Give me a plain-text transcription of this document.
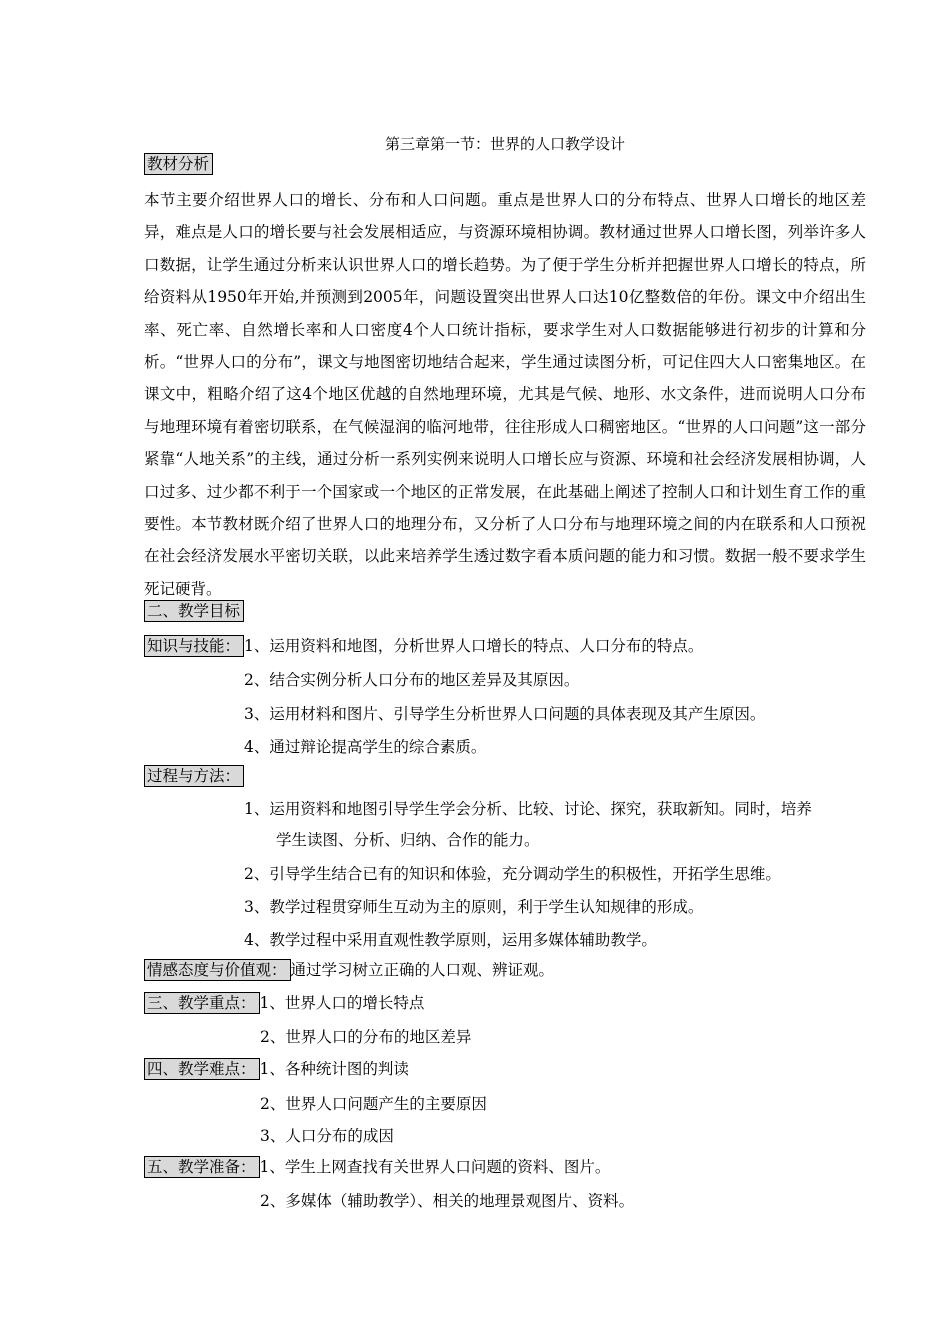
第三章第一节：世界的人口教学设计
教材分析
本节主要介绍世界人口的增长、分布和人口问题。重点是世界人口的分布特点、世界人口增长的地区差异，难点是人口的增长要与社会发展相适应，与资源环境相协调。教材通过世界人口增长图，列举许多人口数据，让学生通过分析来认识世界人口的增长趋势。为了便于学生分析并把握世界人口增长的特点，所给资料从1950年开始,并预测到2005年，问题设置突出世界人口达10亿整数倍的年份。课文中介绍出生率、死亡率、自然增长率和人口密度4个人口统计指标，要求学生对人口数据能够进行初步的计算和分析。“世界人口的分布”，课文与地图密切地结合起来，学生通过读图分析，可记住四大人口密集地区。在课文中，粗略介绍了这4个地区优越的自然地理环境，尤其是气候、地形、水文条件，进而说明人口分布与地理环境有着密切联系，在气候湿润的临河地带，往往形成人口稠密地区。“世界的人口问题”这一部分紧靠“人地关系”的主线，通过分析一系列实例来说明人口增长应与资源、环境和社会经济发展相协调，人口过多、过少都不利于一个国家或一个地区的正常发展，在此基础上阐述了控制人口和计划生育工作的重要性。本节教材既介绍了世界人口的地理分布，又分析了人口分布与地理环境之间的内在联系和人口预祝在社会经济发展水平密切关联，以此来培养学生透过数字看本质问题的能力和习惯。数据一般不要求学生死记硬背。
二、教学目标
知识与技能： 1、运用资料和地图，分析世界人口增长的特点、人口分布的特点。
2、结合实例分析人口分布的地区差异及其原因。
3、运用材料和图片、引导学生分析世界人口问题的具体表现及其产生原因。
4、通过辩论提高学生的综合素质。
过程与方法：
1、运用资料和地图引导学生学会分析、比较、讨论、探究，获取新知。同时，培养
学生读图、分析、归纳、合作的能力。
2、引导学生结合已有的知识和体验，充分调动学生的积极性，开拓学生思维。
3、教学过程贯穿师生互动为主的原则，利于学生认知规律的形成。
4、教学过程中采用直观性教学原则，运用多媒体辅助教学。
情感态度与价值观： 通过学习树立正确的人口观、辨证观。
三、教学重点： 1、世界人口的增长特点
2、世界人口的分布的地区差异
四、教学难点： 1、各种统计图的判读
2、世界人口问题产生的主要原因
3、人口分布的成因
五、教学准备： 1、学生上网查找有关世界人口问题的资料、图片。
2、多媒体（辅助教学）、相关的地理景观图片、资料。
